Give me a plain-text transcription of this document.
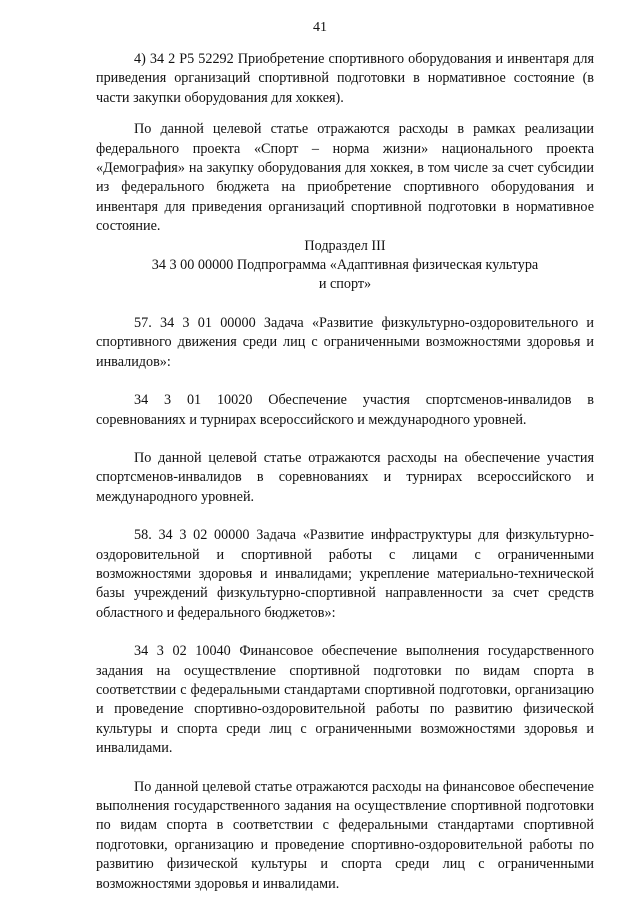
41

4) 34 2 Р5 52292 Приобретение спортивного оборудования и инвентаря для приведения организаций спортивной подготовки в нормативное состояние (в части закупки оборудования для хоккея).

По данной целевой статье отражаются расходы в рамках реализации федерального проекта «Спорт – норма жизни» национального проекта «Демография» на закупку оборудования для хоккея, в том числе за счет субсидии из федерального бюджета на приобретение спортивного оборудования и инвентаря для приведения организаций спортивной подготовки в нормативное состояние.

Подраздел III

34 3 00 00000 Подпрограмма «Адаптивная физическая культура

и спорт»

57. 34 3 01 00000 Задача «Развитие физкультурно-оздоровительного и спортивного движения среди лиц с ограниченными возможностями здоровья и инвалидов»:

34 3 01 10020 Обеспечение участия спортсменов-инвалидов в соревнованиях и турнирах всероссийского и международного уровней.

По данной целевой статье отражаются расходы на обеспечение участия спортсменов-инвалидов в соревнованиях и турнирах всероссийского и международного уровней.

58. 34 3 02 00000 Задача «Развитие инфраструктуры для физкультурно-оздоровительной и спортивной работы с лицами с ограниченными возможностями здоровья и инвалидами; укрепление материально-технической базы учреждений физкультурно-спортивной направленности за счет средств областного и федерального бюджетов»:

34 3 02 10040 Финансовое обеспечение выполнения государственного задания на осуществление спортивной подготовки по видам спорта в соответствии с федеральными стандартами спортивной подготовки, организацию и проведение спортивно-оздоровительной работы по развитию физической культуры и спорта среди лиц с ограниченными возможностями здоровья и инвалидами.

По данной целевой статье отражаются расходы на финансовое обеспечение выполнения государственного задания на осуществление спортивной подготовки по видам спорта в соответствии с федеральными стандартами спортивной подготовки, организацию и проведение спортивно-оздоровительной работы по развитию физической культуры и спорта среди лиц с ограниченными возможностями здоровья и инвалидами.
